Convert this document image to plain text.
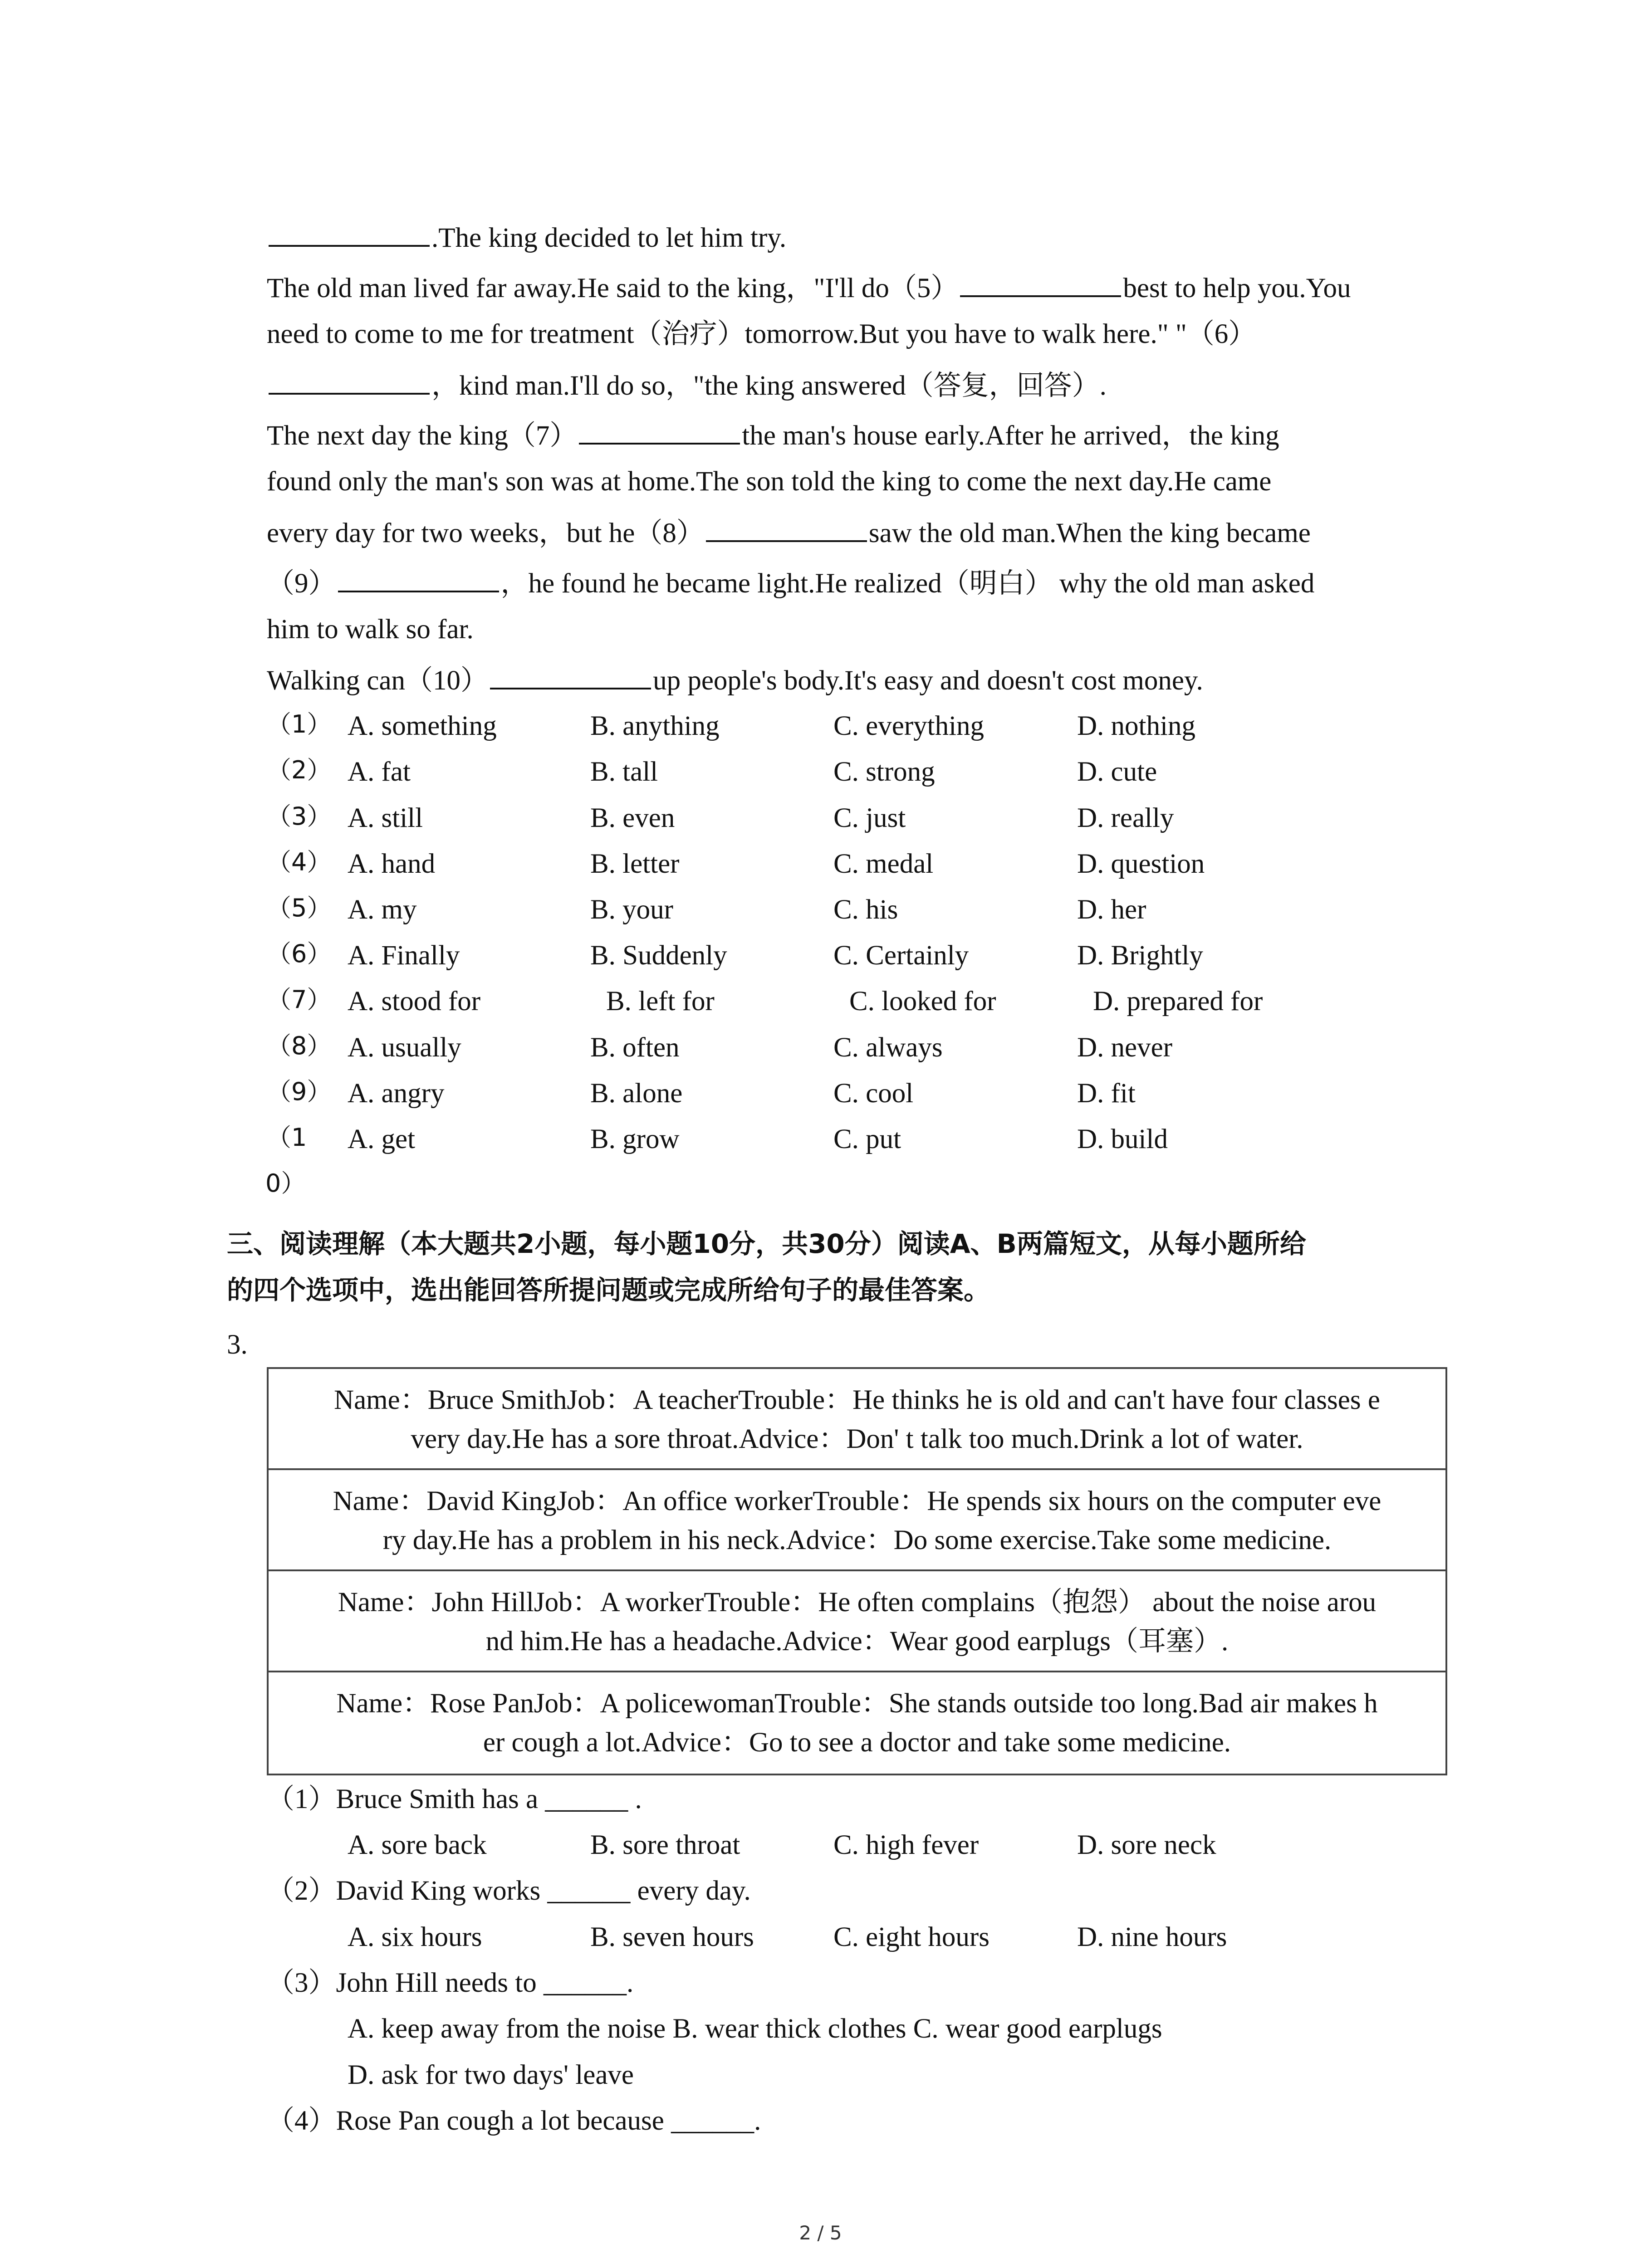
.The king decided to let him try.
The old man lived far away.He said to the king，"I'll do（5）	best to help you.You
need to come to me for treatment（治疗）tomorrow.But you have to walk here." "（6）
，kind man.I'll do so，"the king answered（答复，回答）.
The next day the king（7）	the man's house early.After he arrived，the king
found only the man's son was at home.The son told the king to come the next day.He came
every day for two weeks，but he（8）	saw the old man.When the king became
（9）	，he found he became light.He realized（明白） why the old man asked
him to walk so far.
Walking can（10）	up people's body.It's easy and doesn't cost money.
（1） A. something	B. anything	C. everything	D. nothing
（2） A. fat	B. tall	C. strong	D. cute
（3） A. still	B. even	C. just	D. really
（4） A. hand	B. letter	C. medal	D. question
（5） A. my	B. your	C. his	D. her
（6） A. Finally	B. Suddenly	C. Certainly	D. Brightly
（7） A. stood for	B. left for	C. looked for	D. prepared for
（8） A. usually	B. often	C. always	D. never
（9） A. angry	B. alone	C. cool	D. fit
（1
0）
A. get	B. grow	C. put	D. build
三、阅读理解（本大题共2小题，每小题10分，共30分）阅读A、B两篇短文，从每小题所给
的四个选项中，选出能回答所提问题或完成所给句子的最佳答案。
3.
Name：Bruce SmithJob：A teacherTrouble：He thinks he is old and can't have four classes e
very day.He has a sore throat.Advice：Don' t talk too much.Drink a lot of water.
Name：David KingJob：An office workerTrouble：He spends six hours on the computer eve
ry day.He has a problem in his neck.Advice：Do some exercise.Take some medicine.
Name：John HillJob：A workerTrouble：He often complains（抱怨） about the noise arou
nd him.He has a headache.Advice：Wear good earplugs（耳塞）.
Name：Rose PanJob：A policewomanTrouble：She stands outside too long.Bad air makes h
er cough a lot.Advice：Go to see a doctor and take some medicine.
（1）Bruce Smith has a ______ .
A. sore back	B. sore throat	C. high fever	D. sore neck
（2）David King works ______ every day.
A. six hours	B. seven hours	C. eight hours	D. nine hours
（3）John Hill needs to ______.
A. keep away from the noise B. wear thick clothes C. wear good earplugs
D. ask for two days' leave
（4）Rose Pan cough a lot because ______.
2 / 5
